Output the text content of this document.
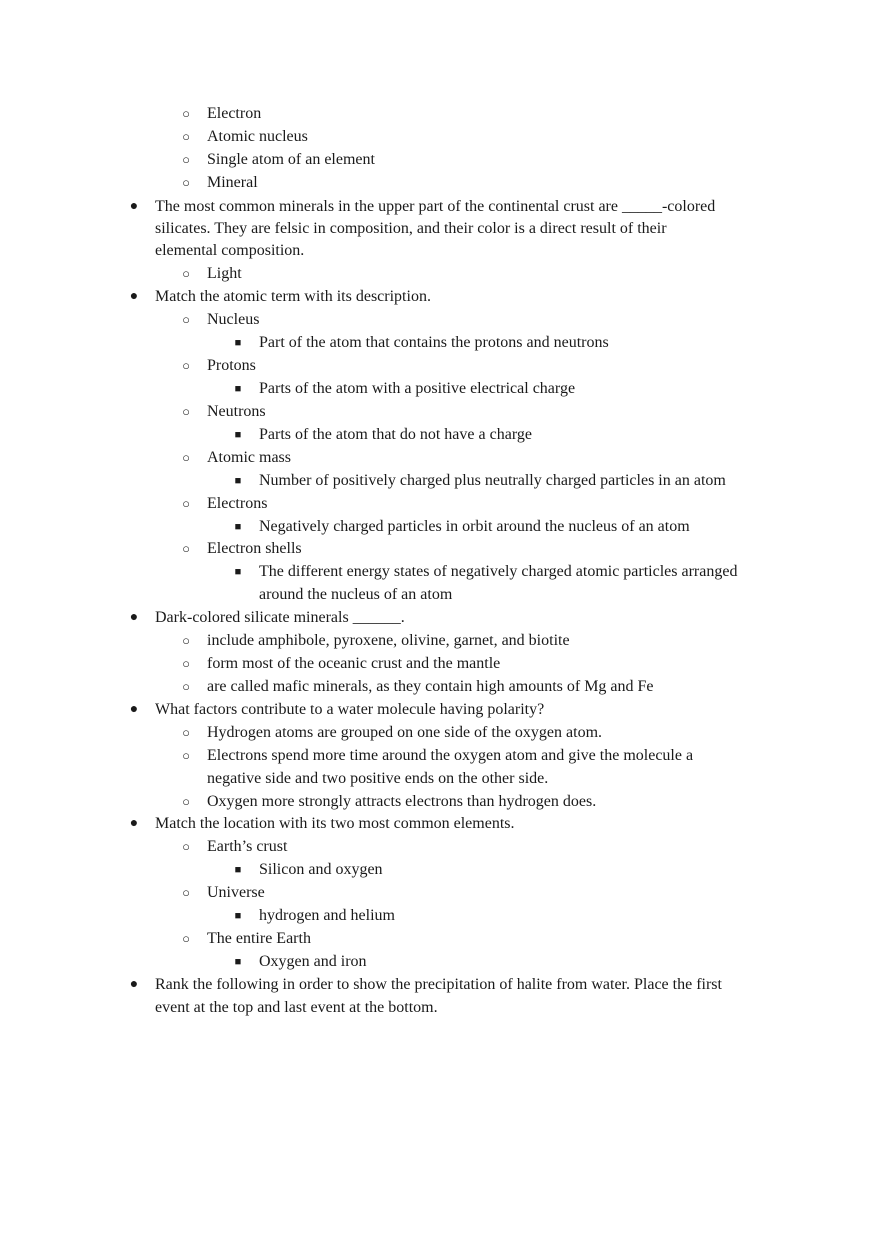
○ Electron
○ Atomic nucleus
○ Single atom of an element
○ Mineral
● The most common minerals in the upper part of the continental crust are _____-colored
silicates. They are felsic in composition, and their color is a direct result of their
elemental composition.
○ Light
● Match the atomic term with its description.
○ Nucleus
■ Part of the atom that contains the protons and neutrons
○ Protons
■ Parts of the atom with a positive electrical charge
○ Neutrons
■ Parts of the atom that do not have a charge
○ Atomic mass
■ Number of positively charged plus neutrally charged particles in an atom
○ Electrons
■ Negatively charged particles in orbit around the nucleus of an atom
○ Electron shells
■ The different energy states of negatively charged atomic particles arranged
around the nucleus of an atom
● Dark-colored silicate minerals ______.
○ include amphibole, pyroxene, olivine, garnet, and biotite
○ form most of the oceanic crust and the mantle
○ are called mafic minerals, as they contain high amounts of Mg and Fe
● What factors contribute to a water molecule having polarity?
○ Hydrogen atoms are grouped on one side of the oxygen atom.
○ Electrons spend more time around the oxygen atom and give the molecule a
negative side and two positive ends on the other side.
○ Oxygen more strongly attracts electrons than hydrogen does.
● Match the location with its two most common elements.
○ Earth’s crust
■ Silicon and oxygen
○ Universe
■ hydrogen and helium
○ The entire Earth
■ Oxygen and iron
● Rank the following in order to show the precipitation of halite from water. Place the first
event at the top and last event at the bottom.
